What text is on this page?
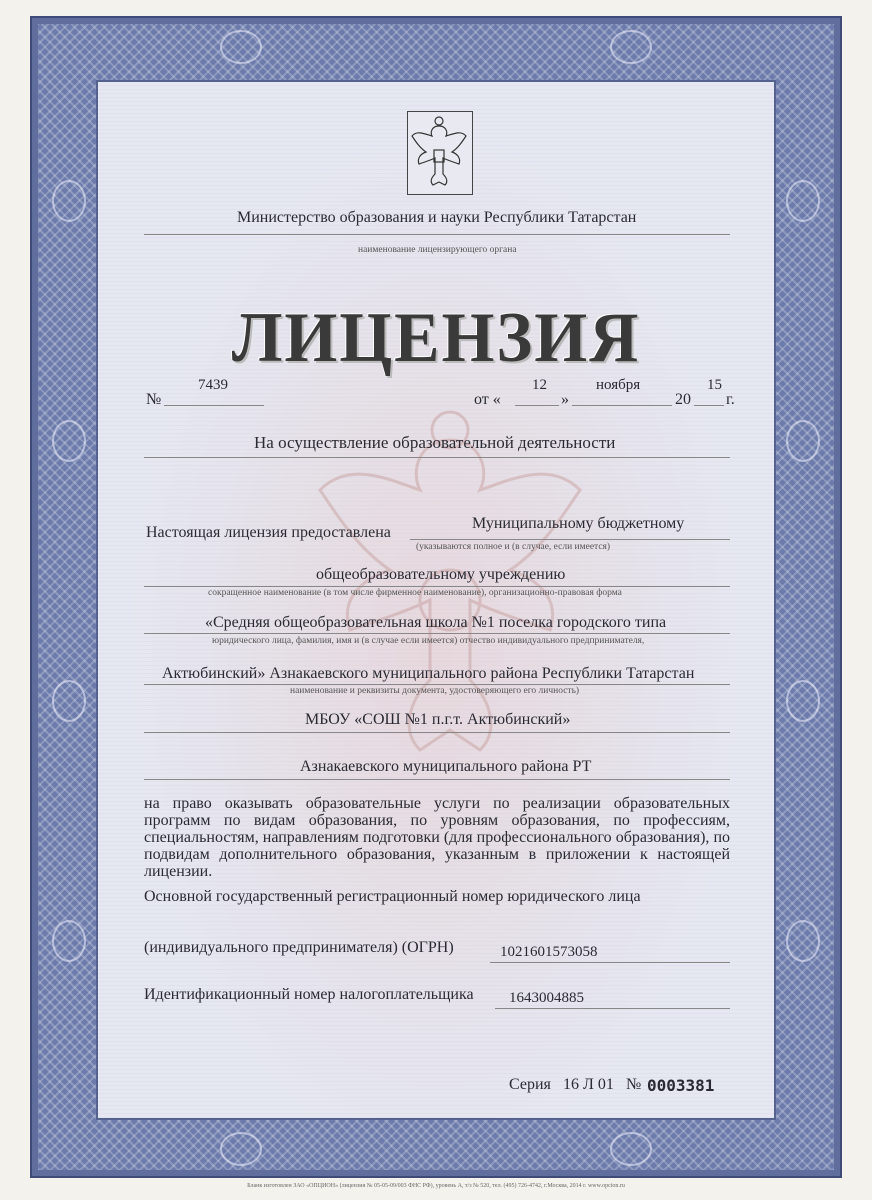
Министерство образования и науки Республики Татарстан
наименование лицензирующего органа
ЛИЦЕНЗИЯ
№
7439
от «
12
»
ноября
20
15
г.
На осуществление образовательной деятельности
Настоящая лицензия предоставлена
Муниципальному бюджетному
(указываются полное и (в случае, если имеется)
общеобразовательному учреждению
сокращенное наименование (в том числе фирменное наименование), организационно-правовая форма
«Средняя общеобразовательная школа №1 поселка городского типа
юридического лица, фамилия, имя и (в случае если имеется) отчество индивидуального предпринимателя,
Актюбинский» Азнакаевского муниципального района Республики Татарстан
наименование и реквизиты документа, удостоверяющего его личность)
МБОУ «СОШ №1 п.г.т. Актюбинский»
Азнакаевского муниципального района РТ
на право оказывать образовательные услуги по реализации образовательных программ по видам образования, по уровням образования, по профессиям, специальностям, направлениям подготовки (для профессионального образования), по подвидам дополнительного образования, указанным в приложении к настоящей лицензии.
Основной государственный регистрационный номер юридического лица
(индивидуального предпринимателя) (ОГРН)	1021601573058
Идентификационный номер налогоплательщика 1643004885
Серия 16 Л 01 № 0003381
Бланк изготовлен ЗАО «ОПЦИОН» (лицензия № 05-05-09/003 ФНС РФ), уровень А, т/з № 520, тел. (495) 726-4742, г.Москва, 2014 г. www.opcion.ru
